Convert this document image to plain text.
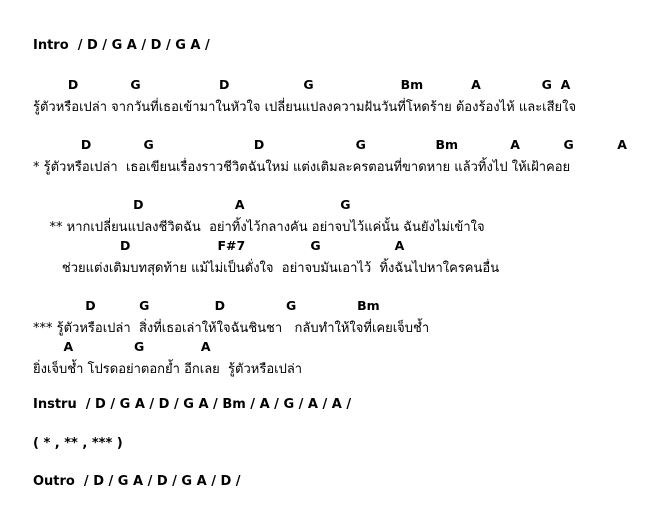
Intro  / D / G A / D / G A /
D            G                  D                 G                    Bm           A              G  A
รู้ตัวหรือเปล่า จากวันที่เธอเข้ามาในหัวใจ เปลี่ยนแปลงความฝันวันที่โหดร้าย ต้องร้องไห้ และเสียใจ
D            G                       D                     G                Bm            A          G          A
* รู้ตัวหรือเปล่า  เธอเขียนเรื่องราวชีวิตฉันใหม่ แต่งเติมละครตอนที่ขาดหาย แล้วทิ้งไป ให้เฝ้าคอย
D                     A                      G
** หากเปลี่ยนแปลงชีวิตฉัน  อย่าทิ้งไว้กลางคัน อย่าจบไว้แค่นั้น ฉันยังไม่เข้าใจ
D                    F#7               G                 A
ช่วยแต่งเติมบทสุดท้าย แม้ไม่เป็นดั่งใจ  อย่าจบมันเอาไว้  ทิ้งฉันไปหาใครคนอื่น
D          G               D              G              Bm
*** รู้ตัวหรือเปล่า  สิ่งที่เธอเล่าให้ใจฉันชินชา   กลับทำให้ใจที่เคยเจ็บช้ำ
A              G             A
ยิ่งเจ็บช้ำ โปรดอย่าตอกย้ำ อีกเลย  รู้ตัวหรือเปล่า
Instru  / D / G A / D / G A / Bm / A / G / A / A /
( * , ** , *** )
Outro  / D / G A / D / G A / D /
